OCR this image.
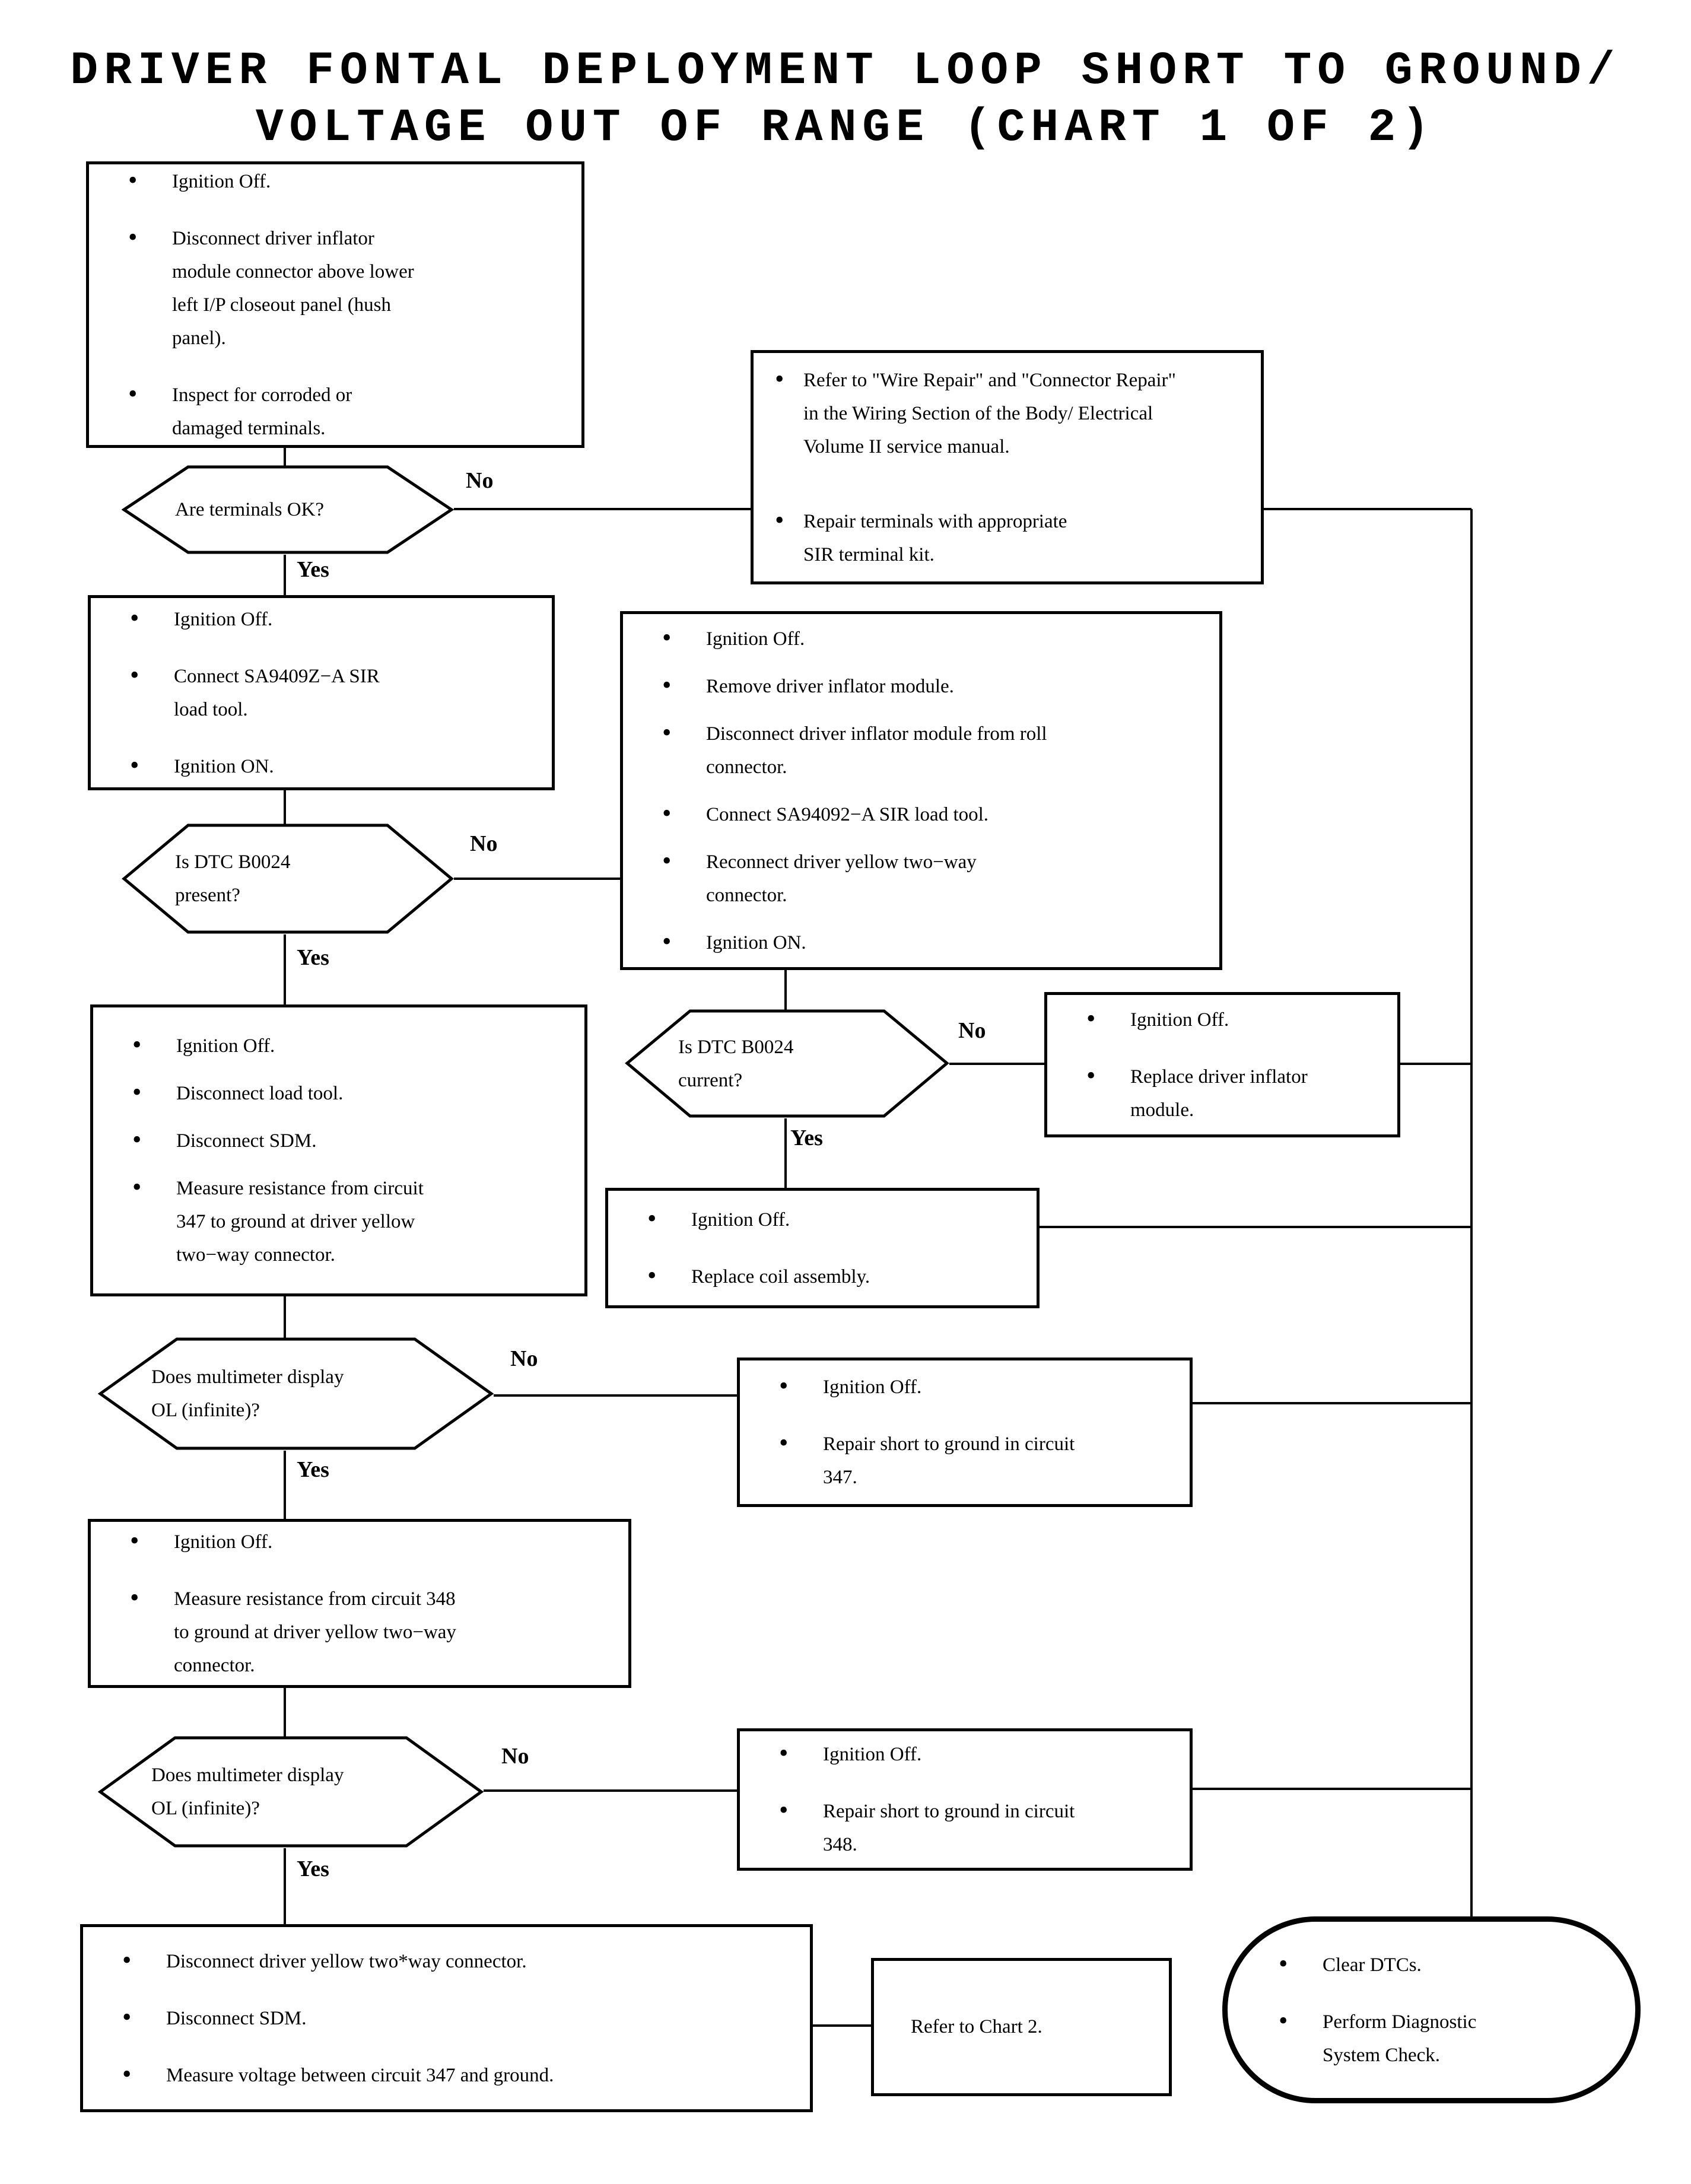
DRIVER FONTAL DEPLOYMENT LOOP SHORT TO GROUND/
VOLTAGE OUT OF RANGE (CHART 1 OF 2)
• Ignition Off.
• Disconnect driver inflator module connector above lower left I/P closeout panel (hush panel).
• Inspect for corroded or damaged terminals.
Are terminals OK?
No
Yes
• Refer to "Wire Repair" and "Connector Repair" in the Wiring Section of the Body/ Electrical Volume II service manual.
• Repair terminals with appropriate SIR terminal kit.
• Ignition Off.
• Connect SA9409Z−A SIR load tool.
• Ignition ON.
Is DTC B0024 present?
No
Yes
• Ignition Off.
• Remove driver inflator module.
• Disconnect driver inflator module from roll connector.
• Connect SA94092−A SIR load tool.
• Reconnect driver yellow two−way connector.
• Ignition ON.
Is DTC B0024 current?
No
Yes
• Ignition Off.
• Replace driver inflator module.
• Ignition Off.
• Replace coil assembly.
• Ignition Off.
• Disconnect load tool.
• Disconnect SDM.
• Measure resistance from circuit 347 to ground at driver yellow two−way connector.
Does multimeter display OL (infinite)?
No
Yes
• Ignition Off.
• Repair short to ground in circuit 347.
• Ignition Off.
• Measure resistance from circuit 348 to ground at driver yellow two−way connector.
Does multimeter display OL (infinite)?
No
Yes
• Ignition Off.
• Repair short to ground in circuit 348.
• Disconnect driver yellow two*way connector.
• Disconnect SDM.
• Measure voltage between circuit 347 and ground.
Refer to Chart 2.
• Clear DTCs.
• Perform Diagnostic System Check.
